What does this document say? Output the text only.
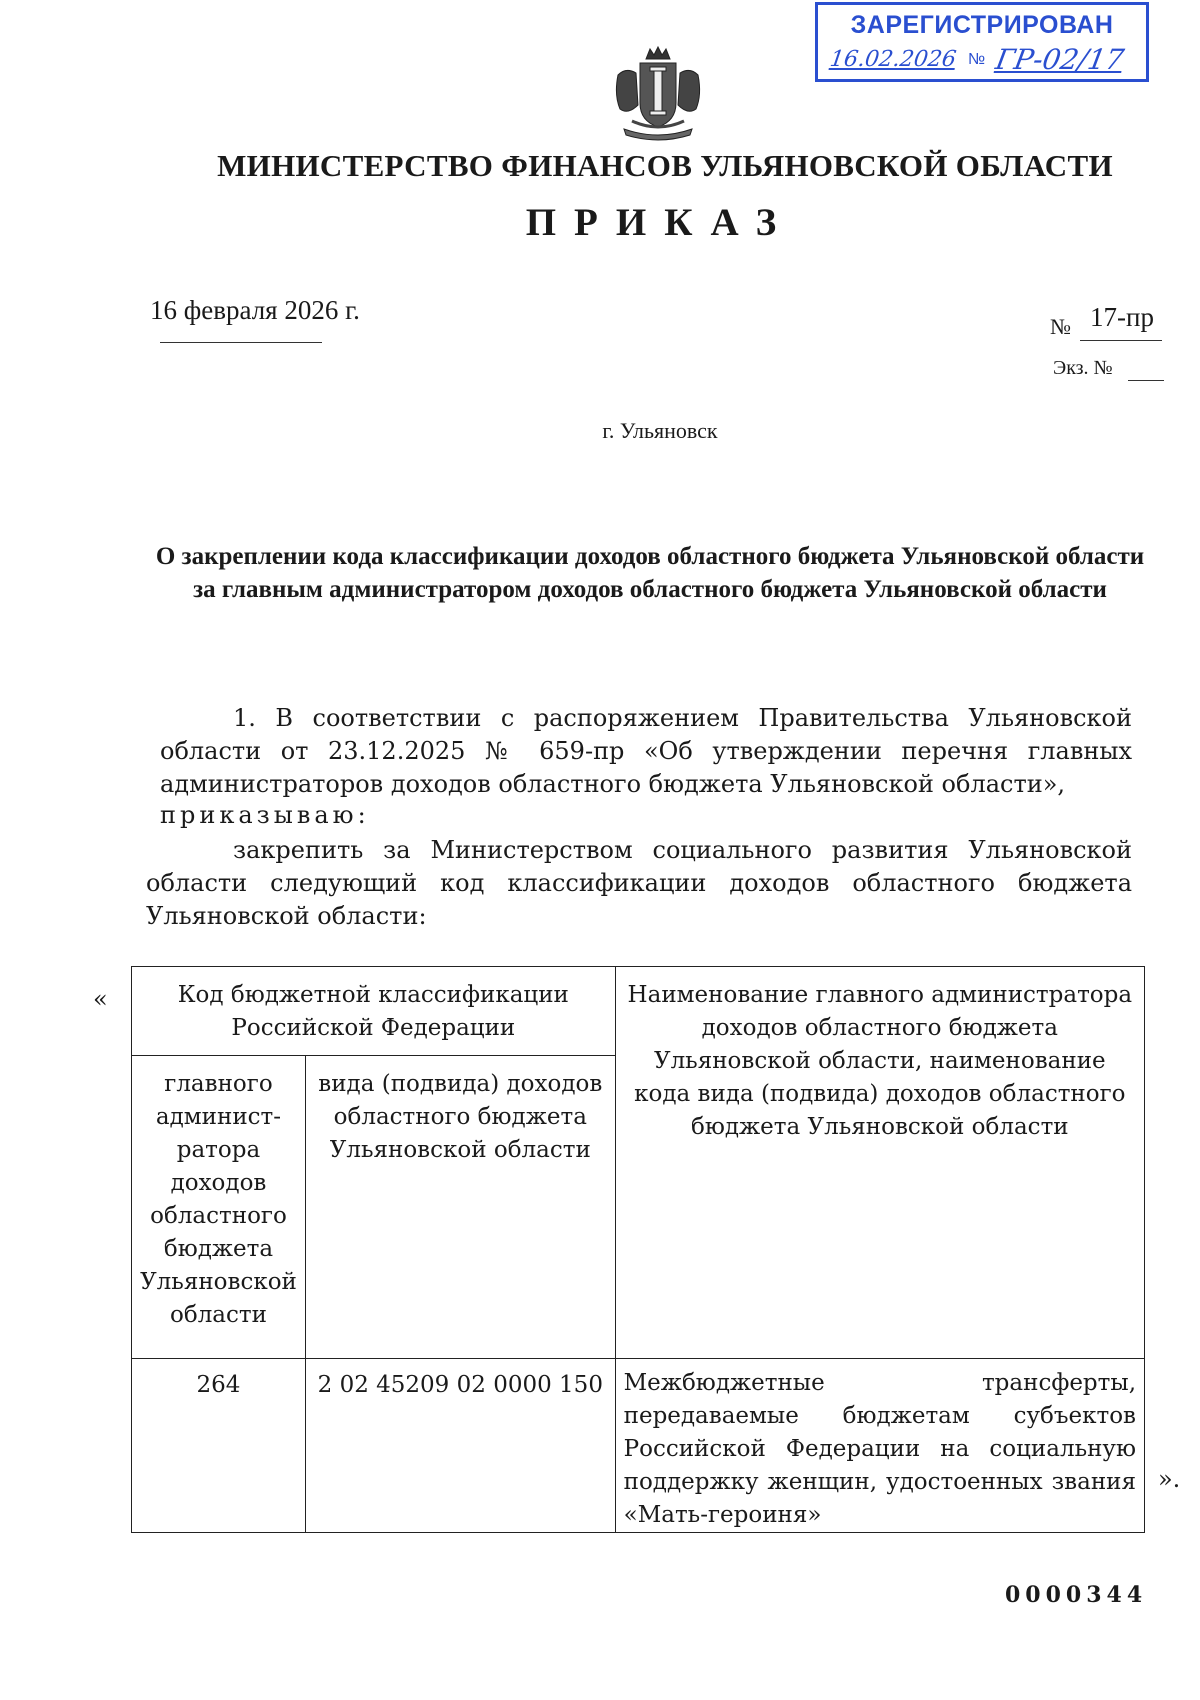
ЗАРЕГИСТРИРОВАН
16.02.2026 № ГР-02/17
МИНИСТЕРСТВО ФИНАНСОВ УЛЬЯНОВСКОЙ ОБЛАСТИ
ПРИКАЗ
16 февраля 2026 г.
№ 17-пр
Экз. №
г. Ульяновск
О закреплении кода классификации доходов областного бюджета Ульяновской области за главным администратором доходов областного бюджета Ульяновской области
1. В соответствии с распоряжением Правительства Ульяновской области от 23.12.2025 № 659-пр «Об утверждении перечня главных администраторов доходов областного бюджета Ульяновской области»,
приказываю:
закрепить за Министерством социального развития Ульяновской области следующий код классификации доходов областного бюджета Ульяновской области:
«	Код бюджетной классификации Российской Федерации		Наименование главного администратора доходов областного бюджета Ульяновской области, наименование кода вида (подвида) доходов областного бюджета Ульяновской области
главного админист-ратора доходов областного бюджета Ульяновской области	вида (подвида) доходов областного бюджета Ульяновской области	
264	2 02 45209 02 0000 150	Межбюджетные трансферты, передаваемые бюджетам субъектов Российской Федерации на социальную поддержку женщин, удостоенных звания «Мать-героиня»
».
0000344
